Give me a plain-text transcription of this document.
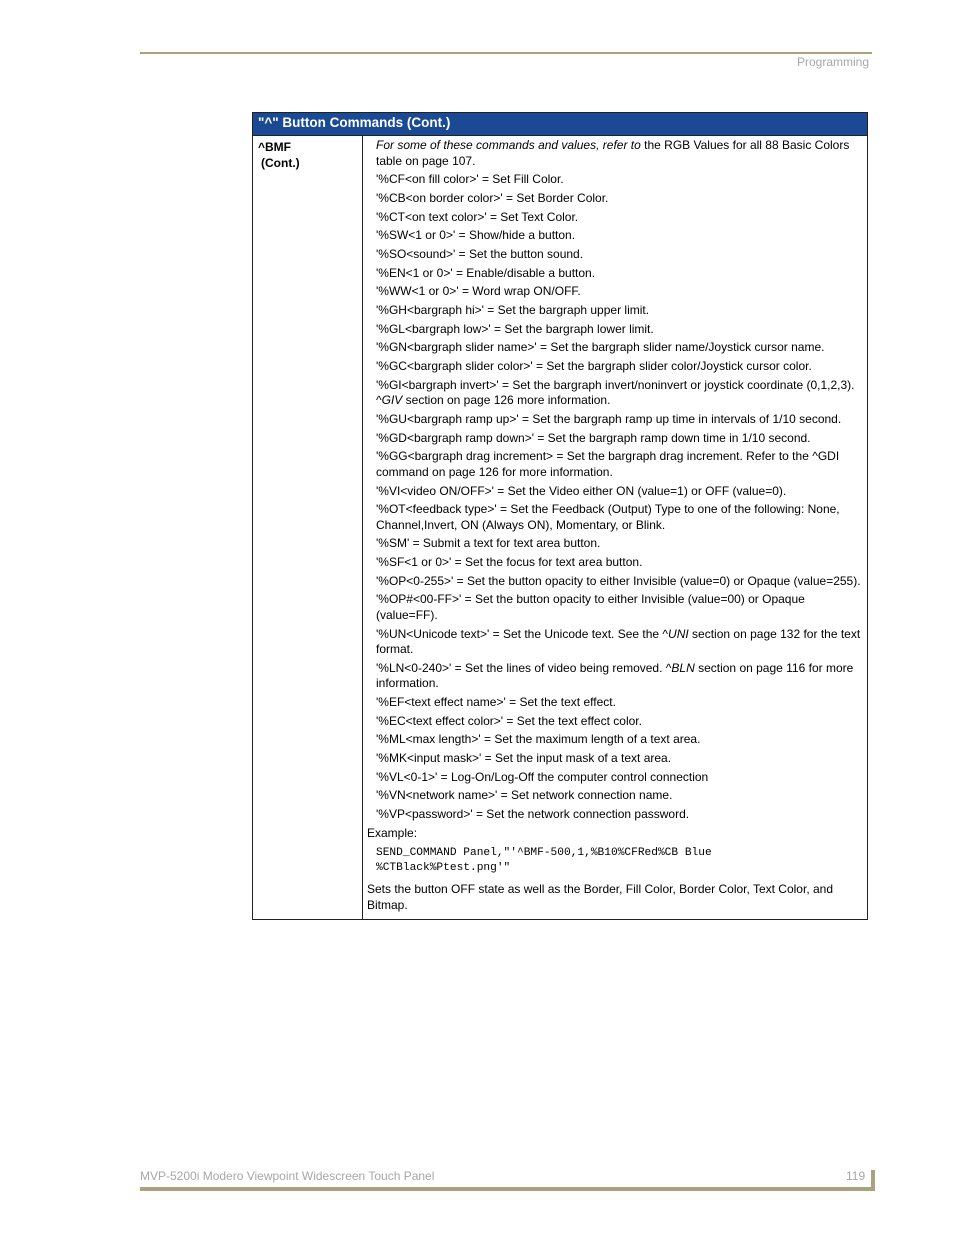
Programming
"^" Button Commands (Cont.)
^BMF
(Cont.)
For some of these commands and values, refer to the RGB Values for all 88 Basic Colors table on page 107.
'%CF<on fill color>' = Set Fill Color.
'%CB<on border color>' = Set Border Color.
'%CT<on text color>' = Set Text Color.
'%SW<1 or 0>' = Show/hide a button.
'%SO<sound>' = Set the button sound.
'%EN<1 or 0>' = Enable/disable a button.
'%WW<1 or 0>' = Word wrap ON/OFF.
'%GH<bargraph hi>' = Set the bargraph upper limit.
'%GL<bargraph low>' = Set the bargraph lower limit.
'%GN<bargraph slider name>' = Set the bargraph slider name/Joystick cursor name.
'%GC<bargraph slider color>' = Set the bargraph slider color/Joystick cursor color.
'%GI<bargraph invert>' = Set the bargraph invert/noninvert or joystick coordinate (0,1,2,3). ^GIV section on page 126 more information.
'%GU<bargraph ramp up>' = Set the bargraph ramp up time in intervals of 1/10 second.
'%GD<bargraph ramp down>' = Set the bargraph ramp down time in 1/10 second.
'%GG<bargraph drag increment> = Set the bargraph drag increment. Refer to the ^GDI command on page 126 for more information.
'%VI<video ON/OFF>' = Set the Video either ON (value=1) or OFF (value=0).
'%OT<feedback type>' = Set the Feedback (Output) Type to one of the following: None, Channel,Invert, ON (Always ON), Momentary, or Blink.
'%SM' = Submit a text for text area button.
'%SF<1 or 0>' = Set the focus for text area button.
'%OP<0-255>' = Set the button opacity to either Invisible (value=0) or Opaque (value=255).
'%OP#<00-FF>' = Set the button opacity to either Invisible (value=00) or Opaque (value=FF).
'%UN<Unicode text>' = Set the Unicode text. See the ^UNI section on page 132 for the text format.
'%LN<0-240>' = Set the lines of video being removed. ^BLN section on page 116 for more information.
'%EF<text effect name>' = Set the text effect.
'%EC<text effect color>' = Set the text effect color.
'%ML<max length>' = Set the maximum length of a text area.
'%MK<input mask>' = Set the input mask of a text area.
'%VL<0-1>' = Log-On/Log-Off the computer control connection
'%VN<network name>' = Set network connection name.
'%VP<password>' = Set the network connection password.
Example:
SEND_COMMAND Panel,"'^BMF-500,1,%B10%CFRed%CB Blue
%CTBlack%Ptest.png'"
Sets the button OFF state as well as the Border, Fill Color, Border Color, Text Color, and Bitmap.
MVP-5200i Modero Viewpoint Widescreen Touch Panel	119
